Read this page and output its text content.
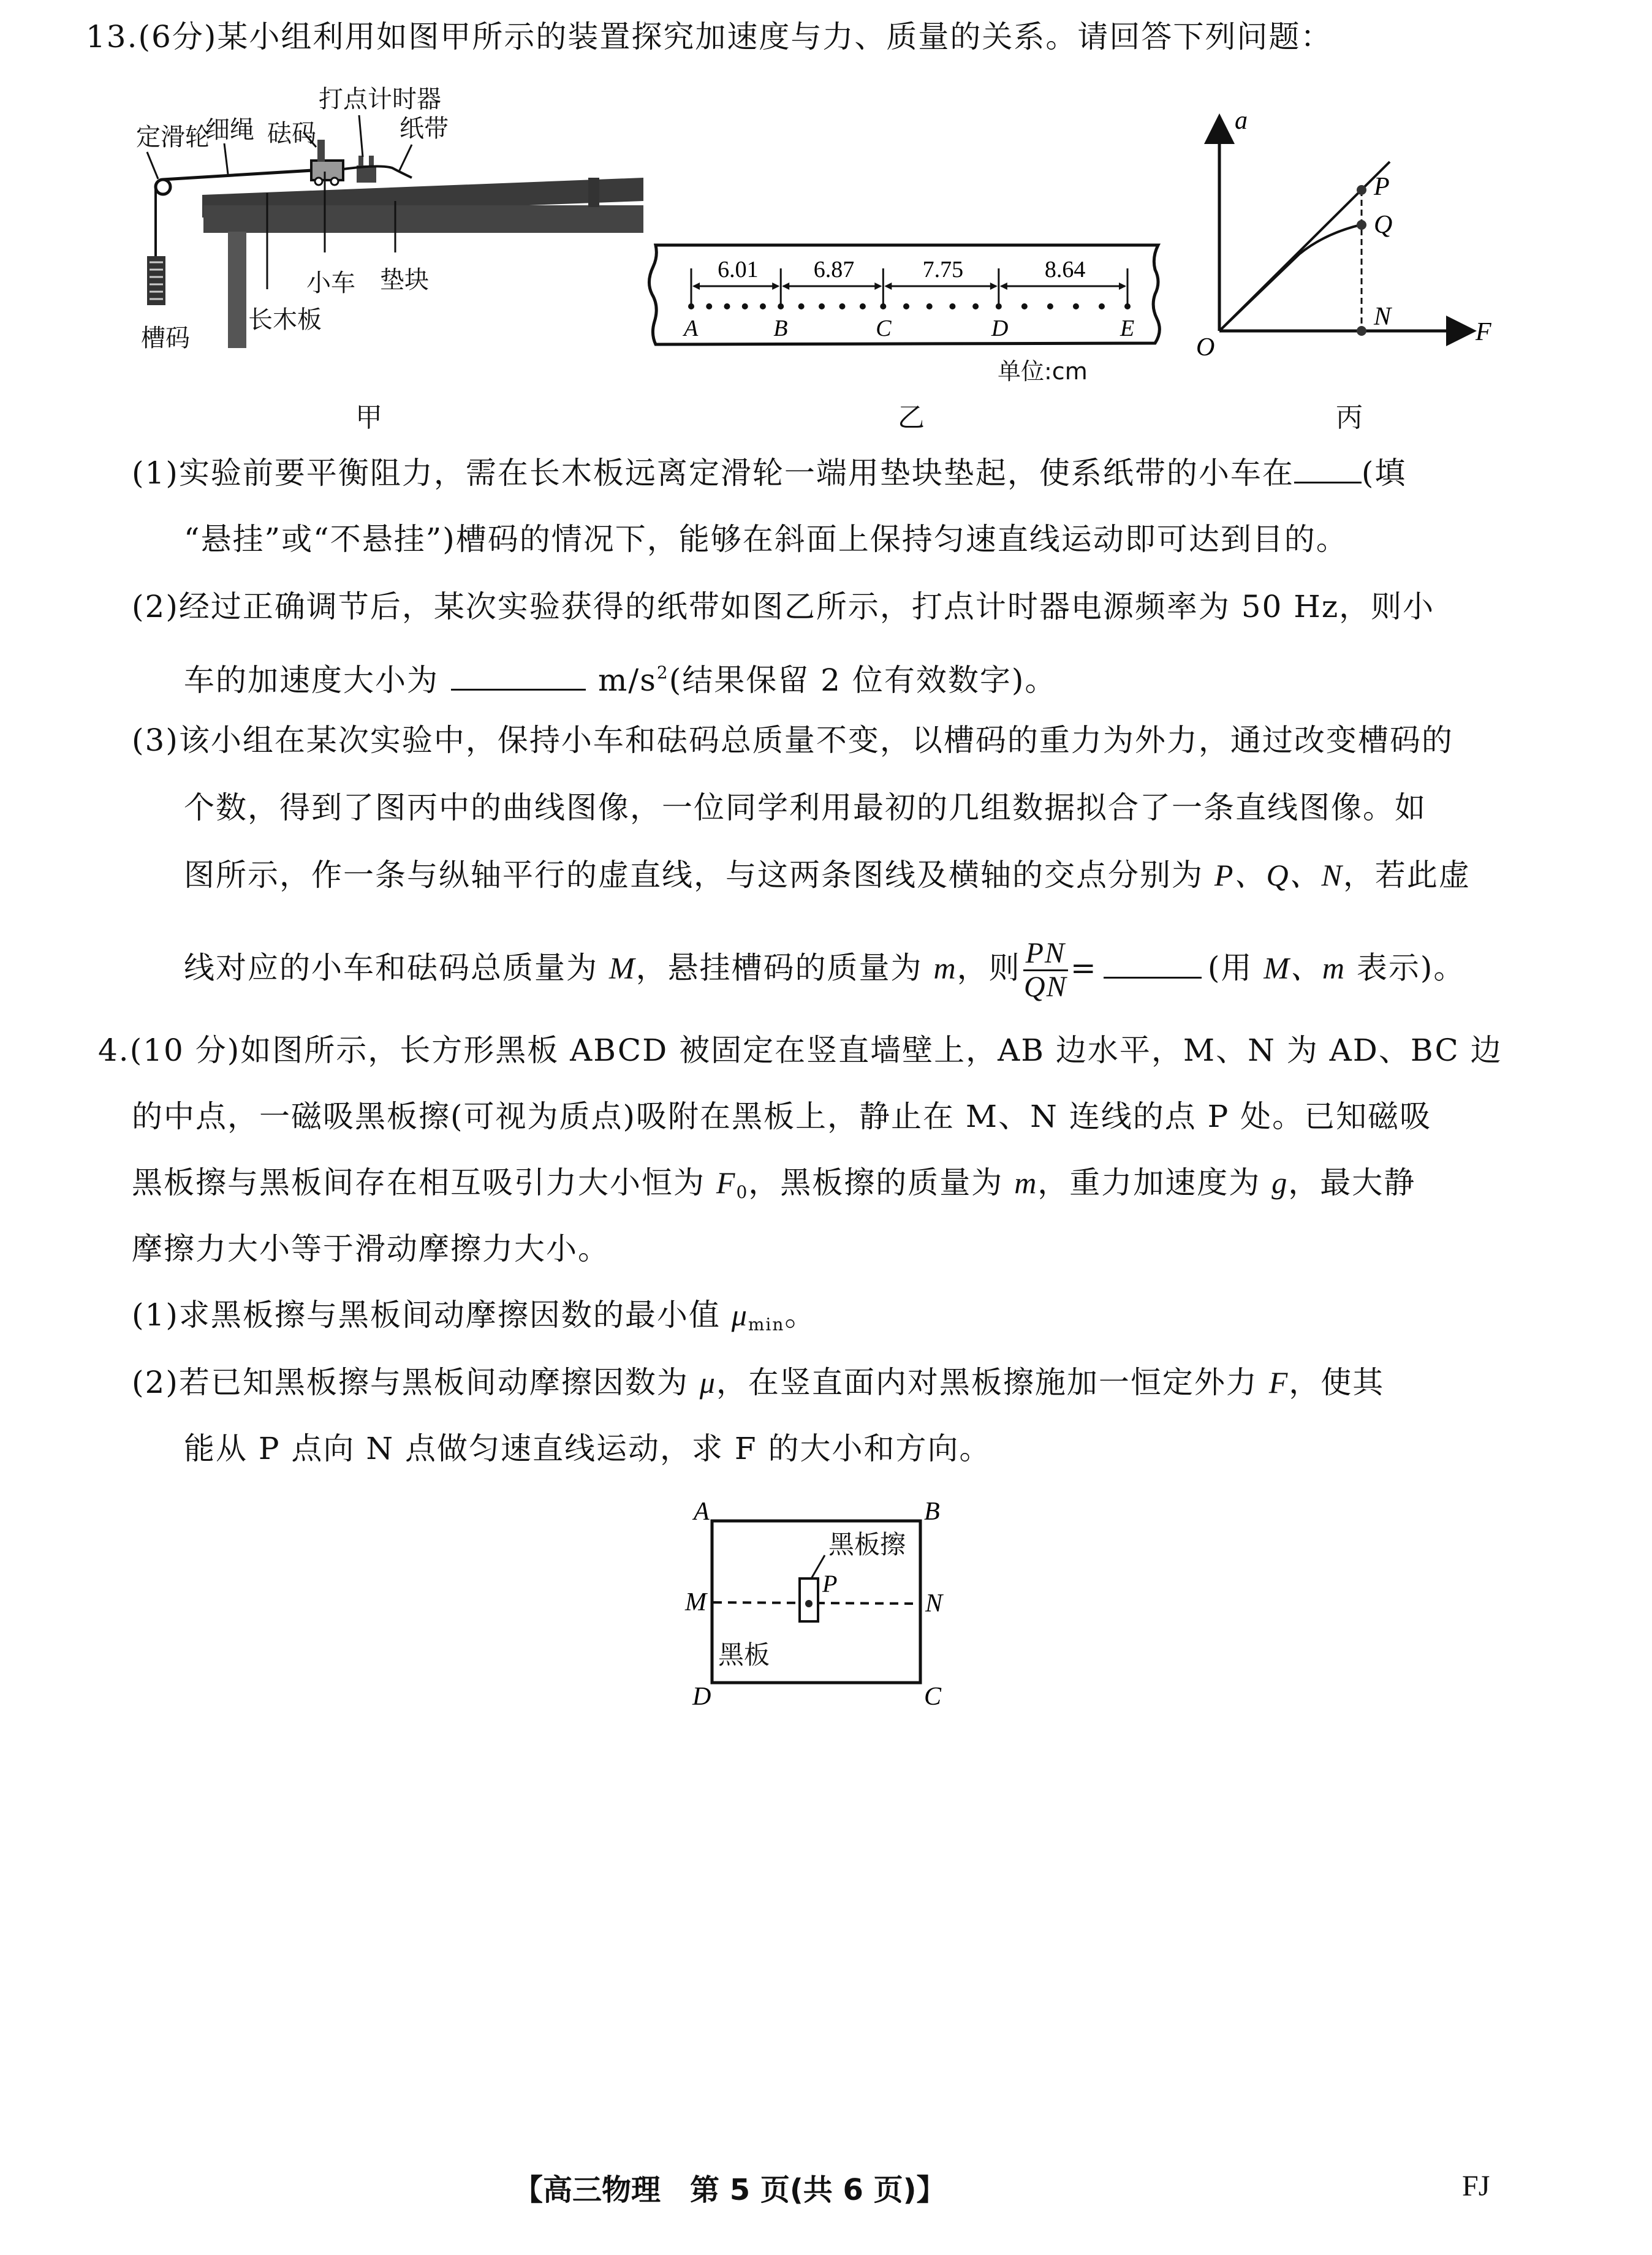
13.(6分)某小组利用如图甲所示的装置探究加速度与力、质量的关系。请回答下列问题：
定滑轮
细绳 砝码
打点计时器
纸带
槽码
长木板
小车 垫块
甲
A	B	C	D	E
6.01 6.87	7.75	8.64
单位:cm
乙
a
F
O
P
Q
N
丙
(1)实验前要平衡阻力，需在长木板远离定滑轮一端用垫块垫起，使系纸带的小车在 (填
“悬挂”或“不悬挂”)槽码的情况下，能够在斜面上保持匀速直线运动即可达到目的。
(2)经过正确调节后，某次实验获得的纸带如图乙所示，打点计时器电源频率为 50 Hz，则小
车的加速度大小为	$m/s^2$(结果保留 2 位有效数字)。
(3)该小组在某次实验中，保持小车和砝码总质量不变，以槽码的重力为外力，通过改变槽码的
个数，得到了图丙中的曲线图像，一位同学利用最初的几组数据拟合了一条直线图像。如
图所示，作一条与纵轴平行的虚直线，与这两条图线及横轴的交点分别为 P、Q、N，若此虚
线对应的小车和砝码总质量为 M，悬挂槽码的质量为 m，则 $\frac{PN}{QN}$ =	(用 M、m 表示)。
4.(10 分)如图所示，长方形黑板 ABCD 被固定在竖直墙壁上，AB 边水平，M、N 为 AD、BC 边
的中点，一磁吸黑板擦(可视为质点)吸附在黑板上，静止在 M、N 连线的点 P 处。已知磁吸
黑板擦与黑板间存在相互吸引力大小恒为 $F_0$，黑板擦的质量为 m，重力加速度为 g，最大静
摩擦力大小等于滑动摩擦力大小。
(1)求黑板擦与黑板间动摩擦因数的最小值 $\mu_{min}$。
(2)若已知黑板擦与黑板间动摩擦因数为 μ，在竖直面内对黑板擦施加一恒定外力 F，使其
能从 P 点向 N 点做匀速直线运动，求 F 的大小和方向。
A	B
C
D
M	N
P
黑板擦
黑板
【高三物理　第 5 页(共 6 页)】	FJ
